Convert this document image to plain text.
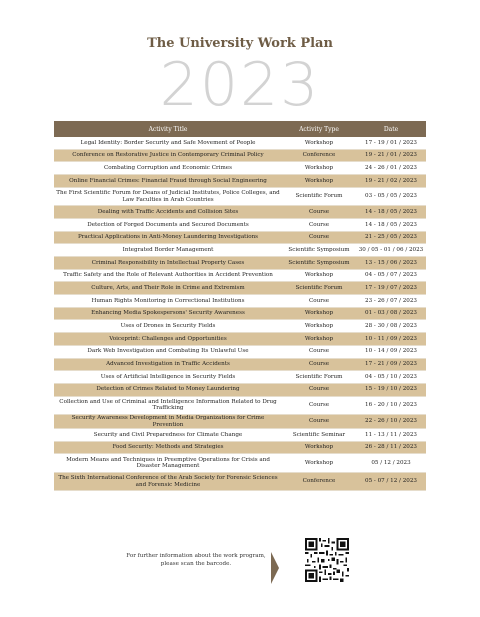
The University Work Plan
2023
Activity Title	Activity Type	Date
Legal Identity: Border Security and Safe Movement of People	Workshop	17 - 19 / 01 / 2023
Conference on Restorative Justice in Contemporary Criminal Policy	Conference	19 - 21 / 01 / 2023
Combating Corruption and Economic Crimes	Workshop	24 - 26 / 01 / 2023
Online Financial Crimes: Financial Fraud through Social Engineering	Workshop	19 - 21 / 02 / 2023
The First Scientific Forum for Deans of Judicial Institutes, Police Colleges, and Law Faculties in Arab Countries	Scientific Forum	03 - 05 / 05 / 2023
Dealing with Traffic Accidents and Collision Sites	Course	14 - 18 / 05 / 2023
Detection of Forged Documents and Secured Documents	Course	14 - 18 / 05 / 2023
Practical Applications in Anti-Money Laundering Investigations	Course	21 - 25 / 05 / 2023
Integrated Border Management	Scientific Symposium	30 / 05 - 01 / 06 / 2023
Criminal Responsibility in Intellectual Property Cases	Scientific Symposium	13 - 15 / 06 / 2023
Traffic Safety and the Role of Relevant Authorities in Accident Prevention	Workshop	04 - 05 / 07 / 2023
Culture, Arts, and Their Role in Crime and Extremism	Scientific Forum	17 - 19 / 07 / 2023
Human Rights Monitoring in Correctional Institutions	Course	23 - 26 / 07 / 2023
Enhancing Media Spokespersons' Security Awareness	Workshop	01 - 03 / 08 / 2023
Uses of Drones in Security Fields	Workshop	28 - 30 / 08 / 2023
Voiceprint: Challenges and Opportunities	Workshop	10 - 11 / 09 / 2023
Dark Web Investigation and Combating Its Unlawful Use	Course	10 - 14 / 09 / 2023
Advanced Investigation in Traffic Accidents	Course	17 - 21 / 09 / 2023
Uses of Artificial Intelligence in Security Fields	Scientific Forum	04 - 05 / 10 / 2023
Detection of Crimes Related to Money Laundering	Course	15 - 19 / 10 / 2023
Collection and Use of Criminal and Intelligence Information Related to Drug Trafficking	Course	16 - 20 / 10 / 2023
Security Awareness Development in Media Organizations for Crime Prevention	Course	22 - 26 / 10 / 2023
Security and Civil Preparedness for Climate Change	Scientific Seminar	11 - 13 / 11 / 2023
Food Security: Methods and Strategies	Workshop	26 - 28 / 11 / 2023
Modern Means and Techniques in Preemptive Operations for Crisis and Disaster Management	Workshop	05 / 12 / 2023
The Sixth International Conference of the Arab Society for Forensic Sciences and Forensic Medicine	Conference	05 - 07 / 12 / 2023
For further information about the work program, please scan the barcode.
